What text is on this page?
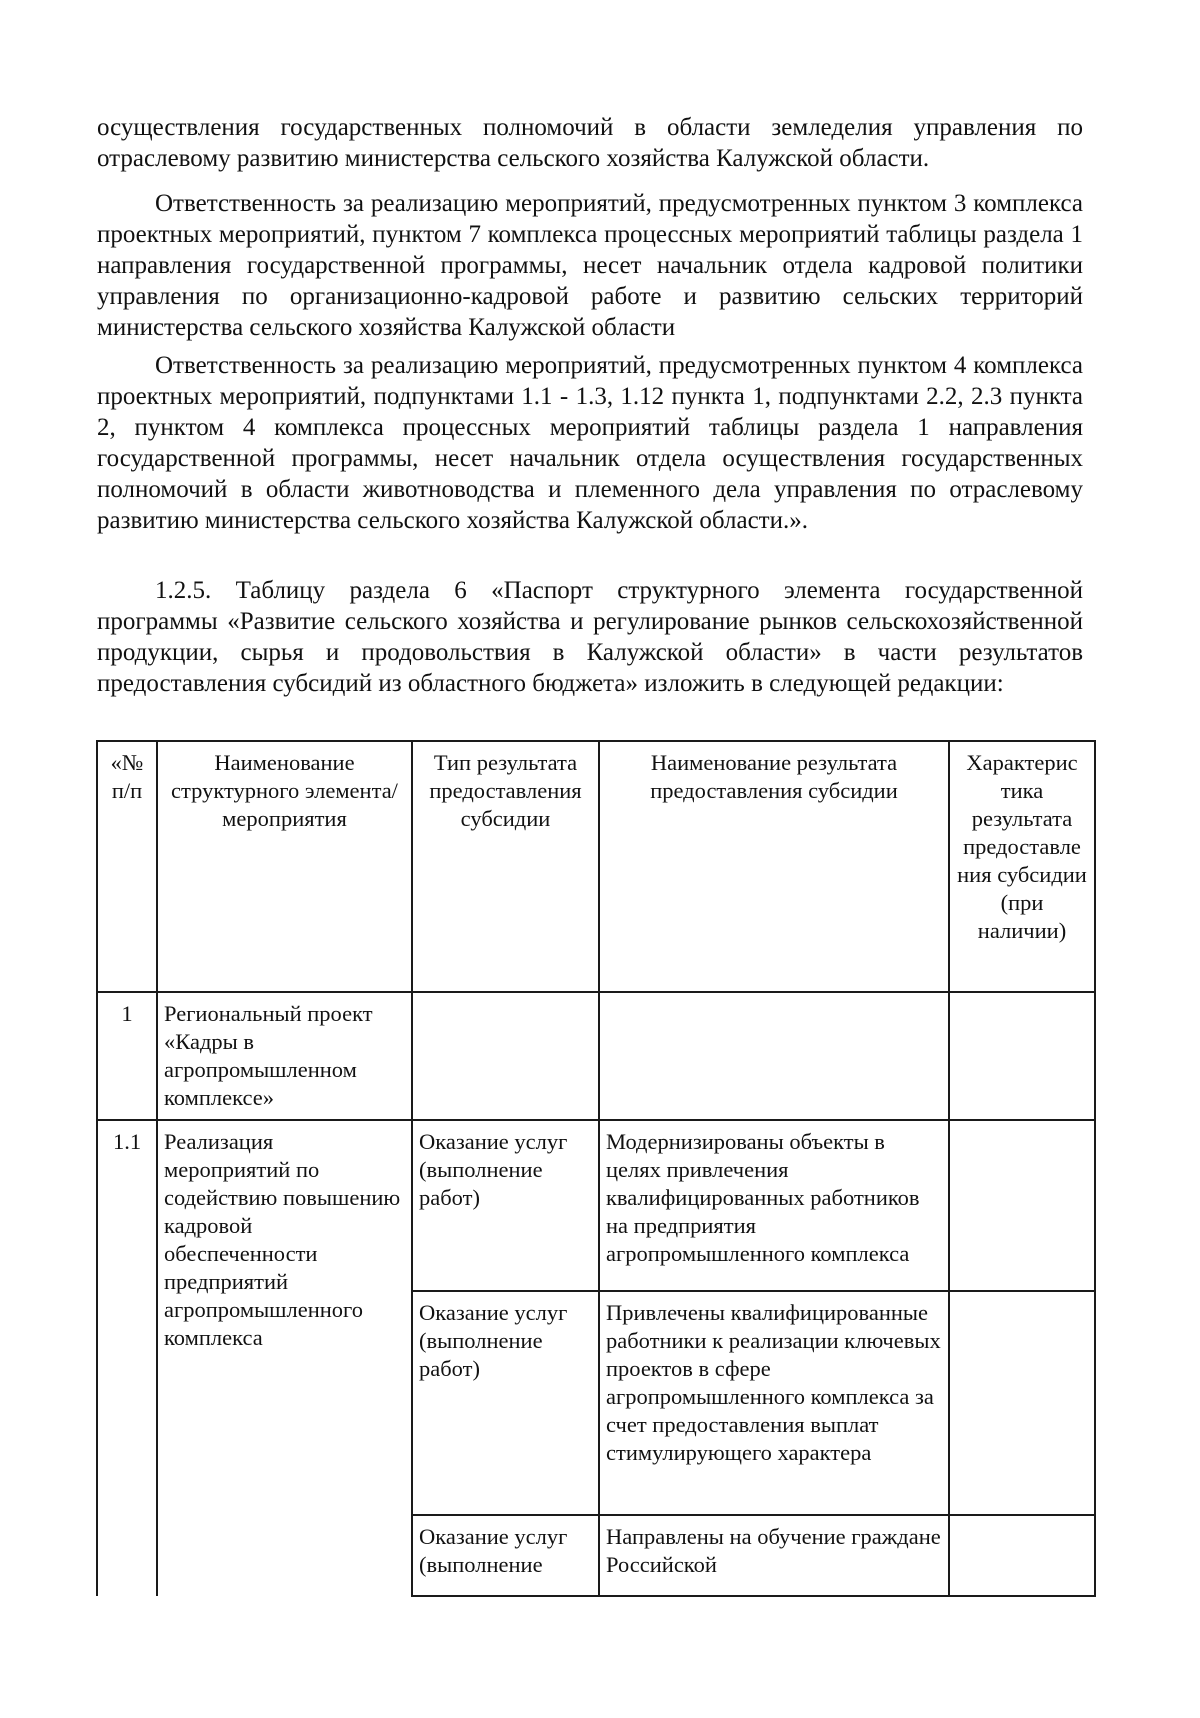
осуществления государственных полномочий в области земледелия управления по отраслевому развитию министерства сельского хозяйства Калужской области.

Ответственность за реализацию мероприятий, предусмотренных пунктом 3 комплекса проектных мероприятий, пунктом 7 комплекса процессных мероприятий таблицы раздела 1 направления государственной программы, несет начальник отдела кадровой политики управления по организационно-кадровой работе и развитию сельских территорий министерства сельского хозяйства Калужской области

Ответственность за реализацию мероприятий, предусмотренных пунктом 4 комплекса проектных мероприятий, подпунктами 1.1 - 1.3, 1.12 пункта 1, подпунктами 2.2, 2.3 пункта 2, пунктом 4 комплекса процессных мероприятий таблицы раздела 1 направления государственной программы, несет начальник отдела осуществления государственных полномочий в области животноводства и племенного дела управления по отраслевому развитию министерства сельского хозяйства Калужской области.».

1.2.5. Таблицу раздела 6 «Паспорт структурного элемента государственной программы «Развитие сельского хозяйства и регулирование рынков сельскохозяйственной продукции, сырья и продовольствия в Калужской области» в части результатов предоставления субсидий из областного бюджета» изложить в следующей редакции:

«№ п/п	Наименование структурного элемента/мероприятия	Тип результата предоставления субсидии	Наименование результата предоставления субсидии	Характерис тика результата предоставле ния субсидии (при наличии)
1	Региональный проект «Кадры в агропромышленном комплексе»			
1.1	Реализация мероприятий по содействию повышению кадровой обеспеченности предприятий агропромышленного комплекса	Оказание услуг (выполнение работ)	Модернизированы объекты в целях привлечения квалифицированных работников на предприятия агропромышленного комплекса	
		Оказание услуг (выполнение работ)	Привлечены квалифицированные работники к реализации ключевых проектов в сфере агропромышленного комплекса за счет предоставления выплат стимулирующего характера	
		Оказание услуг (выполнение	Направлены на обучение граждане Российской	
